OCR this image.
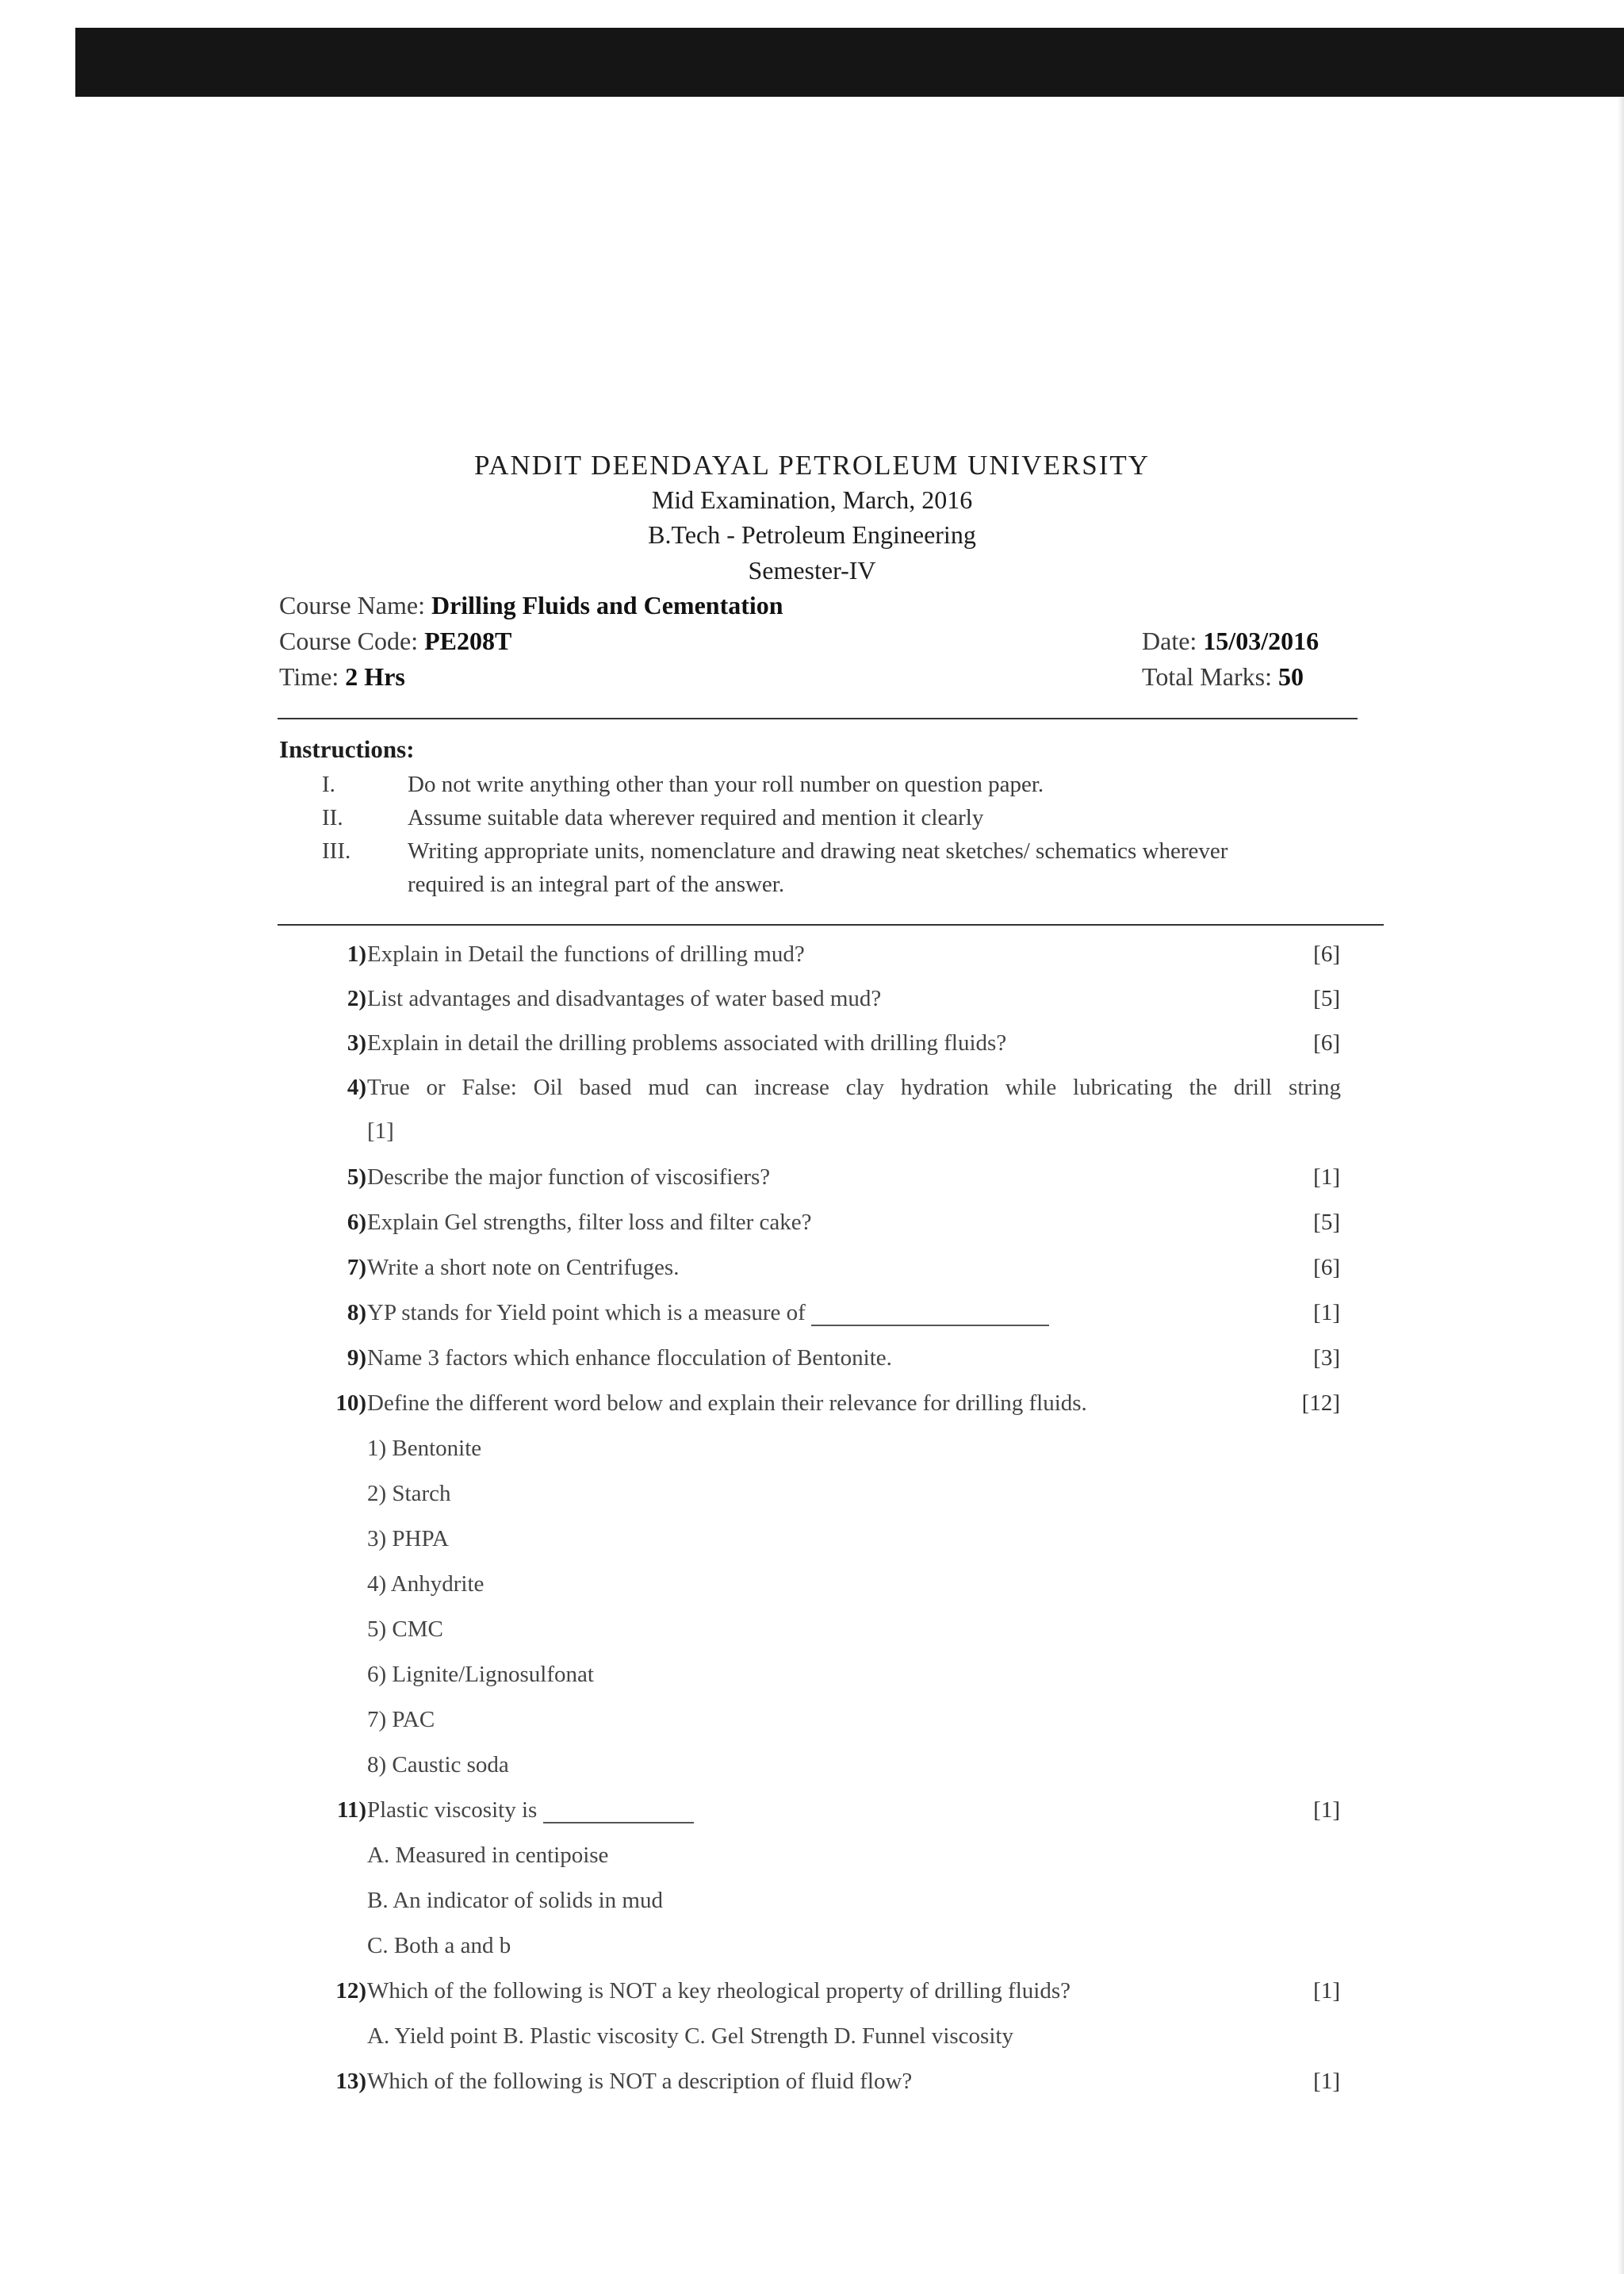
PANDIT DEENDAYAL PETROLEUM UNIVERSITY
Mid Examination, March, 2016
B.Tech - Petroleum Engineering
Semester-IV
Course Name: Drilling Fluids and Cementation
Course Code: PE208T
Time: 2 Hrs
Date: 15/03/2016
Total Marks: 50
Instructions:
I.	Do not write anything other than your roll number on question paper.
II.	Assume suitable data wherever required and mention it clearly
III. Writing appropriate units, nomenclature and drawing neat sketches/ schematics wherever
required is an integral part of the answer.
1) Explain in Detail the functions of drilling mud?	[6]
2) List advantages and disadvantages of water based mud?	[5]
3) Explain in detail the drilling problems associated with drilling fluids?	[6]
4) True or False: Oil based mud can increase clay hydration while lubricating the drill string
[1]
5) Describe the major function of viscosifiers?	[1]
6) Explain Gel strengths, filter loss and filter cake?	[5]
7) Write a short note on Centrifuges.	[6]
8) YP stands for Yield point which is a measure of	[1]
9) Name 3 factors which enhance flocculation of Bentonite.	[3]
10) Define the different word below and explain their relevance for drilling fluids.	[12]
1) Bentonite
2) Starch
3) PHPA
4) Anhydrite
5) CMC
6) Lignite/Lignosulfonat
7) PAC
8) Caustic soda
11) Plastic viscosity is	[1]
A. Measured in centipoise
B. An indicator of solids in mud
C. Both a and b
12) Which of the following is NOT a key rheological property of drilling fluids?	[1]
A. Yield point B. Plastic viscosity C. Gel Strength D. Funnel viscosity
13) Which of the following is NOT a description of fluid flow?	[1]
